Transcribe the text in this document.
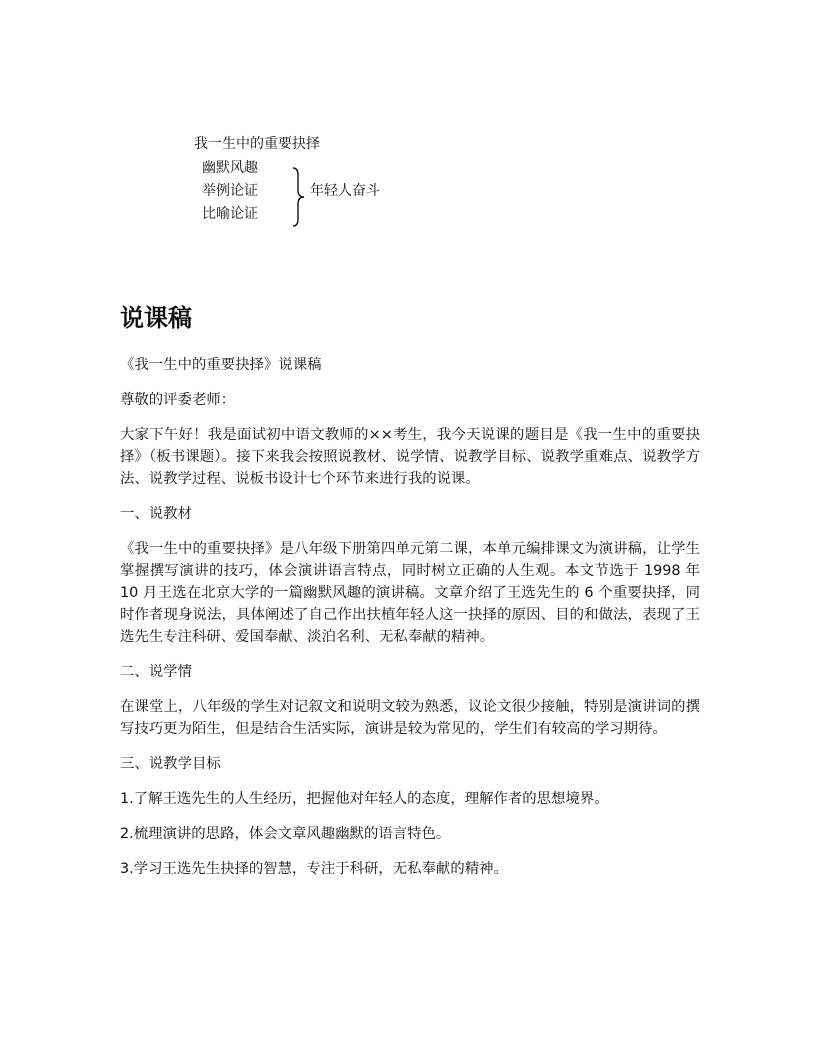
我一生中的重要抉择
幽默风趣
举例论证
比喻论证
年轻人奋斗
说课稿

《我一生中的重要抉择》说课稿

尊敬的评委老师：

大家下午好！我是面试初中语文教师的××考生，我今天说课的题目是《我一生中的重要抉择》（板书课题）。接下来我会按照说教材、说学情、说教学目标、说教学重难点、说教学方法、说教学过程、说板书设计七个环节来进行我的说课。

一、说教材

《我一生中的重要抉择》是八年级下册第四单元第二课，本单元编排课文为演讲稿，让学生掌握撰写演讲的技巧，体会演讲语言特点，同时树立正确的人生观。本文节选于 1998 年 10 月王选在北京大学的一篇幽默风趣的演讲稿。文章介绍了王选先生的 6 个重要抉择，同时作者现身说法，具体阐述了自己作出扶植年轻人这一抉择的原因、目的和做法，表现了王选先生专注科研、爱国奉献、淡泊名利、无私奉献的精神。

二、说学情

在课堂上，八年级的学生对记叙文和说明文较为熟悉，议论文很少接触，特别是演讲词的撰写技巧更为陌生，但是结合生活实际，演讲是较为常见的，学生们有较高的学习期待。

三、说教学目标

1.了解王选先生的人生经历，把握他对年轻人的态度，理解作者的思想境界。

2.梳理演讲的思路，体会文章风趣幽默的语言特色。

3.学习王选先生抉择的智慧，专注于科研，无私奉献的精神。
